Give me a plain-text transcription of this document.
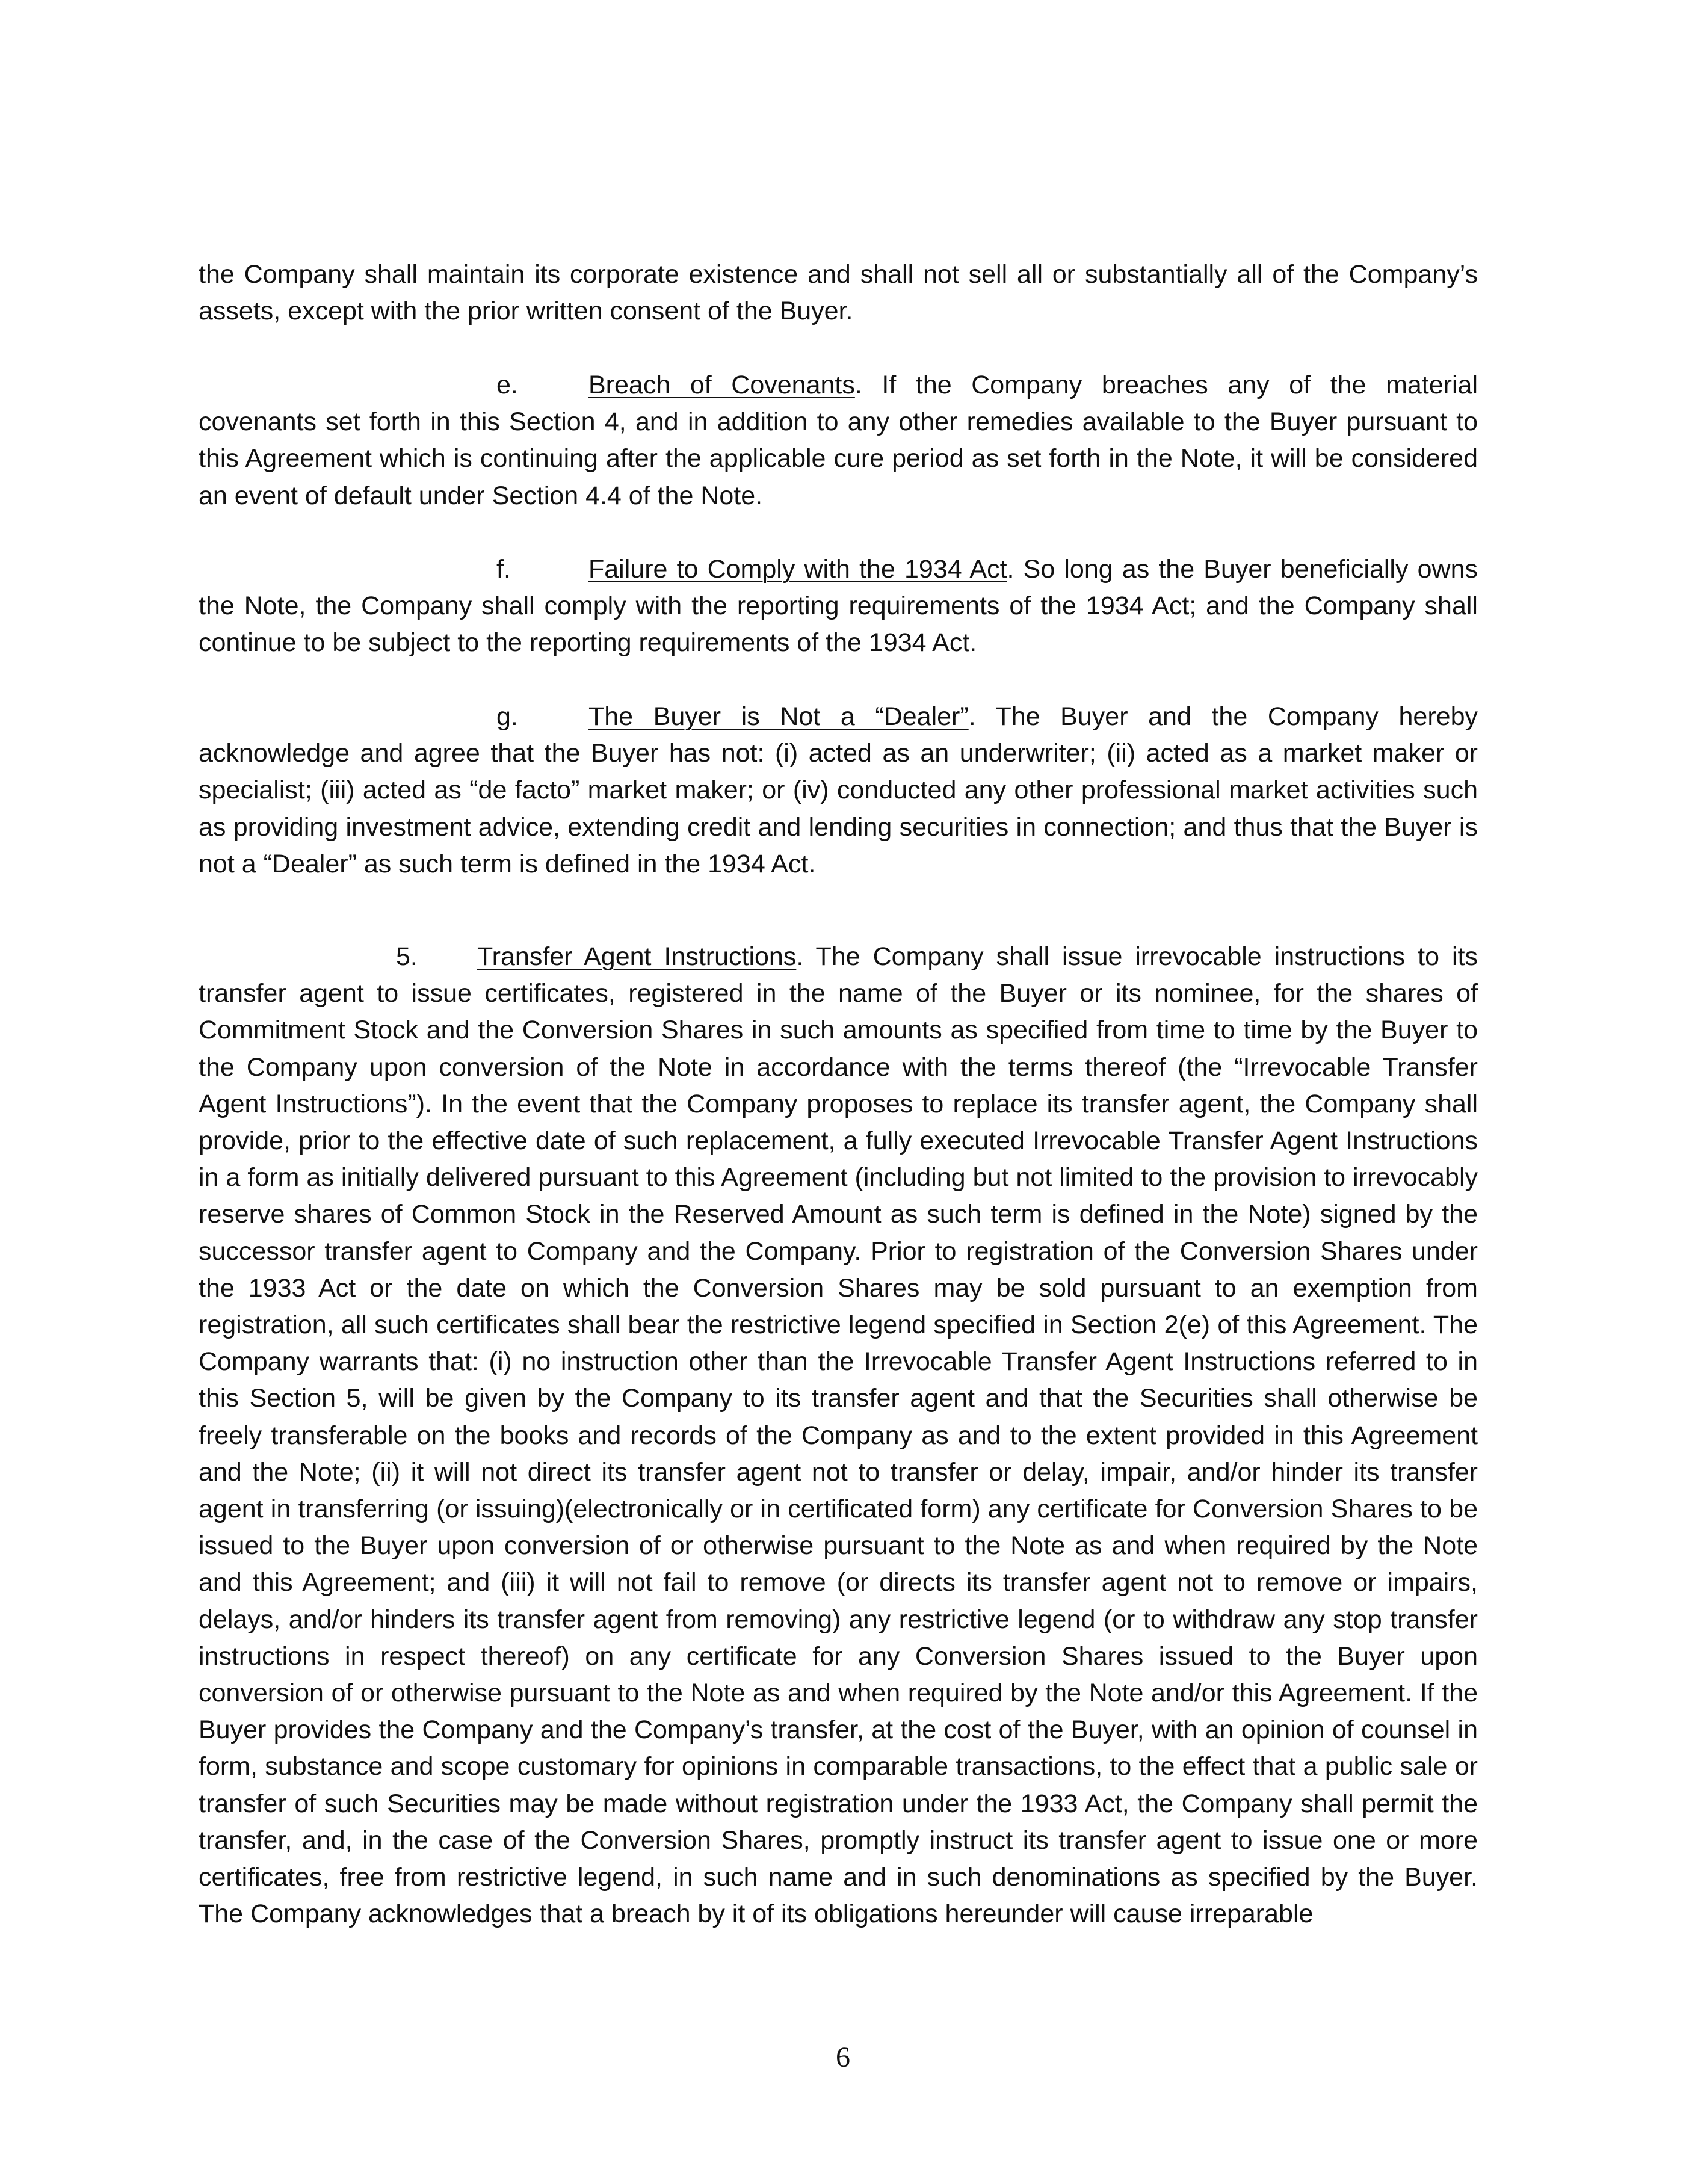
the Company shall maintain its corporate existence and shall not sell all or substantially all of the Company’s assets, except with the prior written consent of the Buyer.

e.	Breach of Covenants. If the Company breaches any of the material covenants set forth in this Section 4, and in addition to any other remedies available to the Buyer pursuant to this Agreement which is continuing after the applicable cure period as set forth in the Note, it will be considered an event of default under Section 4.4 of the Note.

f.	Failure to Comply with the 1934 Act. So long as the Buyer beneficially owns the Note, the Company shall comply with the reporting requirements of the 1934 Act; and the Company shall continue to be subject to the reporting requirements of the 1934 Act.

g.	The Buyer is Not a “Dealer”. The Buyer and the Company hereby acknowledge and agree that the Buyer has not: (i) acted as an underwriter; (ii) acted as a market maker or specialist; (iii) acted as “de facto” market maker; or (iv) conducted any other professional market activities such as providing investment advice, extending credit and lending securities in connection; and thus that the Buyer is not a “Dealer” as such term is defined in the 1934 Act.

5. Transfer Agent Instructions. The Company shall issue irrevocable instructions to its transfer agent to issue certificates, registered in the name of the Buyer or its nominee, for the shares of Commitment Stock and the Conversion Shares in such amounts as specified from time to time by the Buyer to the Company upon conversion of the Note in accordance with the terms thereof (the “Irrevocable Transfer Agent Instructions”). In the event that the Company proposes to replace its transfer agent, the Company shall provide, prior to the effective date of such replacement, a fully executed Irrevocable Transfer Agent Instructions in a form as initially delivered pursuant to this Agreement (including but not limited to the provision to irrevocably reserve shares of Common Stock in the Reserved Amount as such term is defined in the Note) signed by the successor transfer agent to Company and the Company. Prior to registration of the Conversion Shares under the 1933 Act or the date on which the Conversion Shares may be sold pursuant to an exemption from registration, all such certificates shall bear the restrictive legend specified in Section 2(e) of this Agreement. The Company warrants that: (i) no instruction other than the Irrevocable Transfer Agent Instructions referred to in this Section 5, will be given by the Company to its transfer agent and that the Securities shall otherwise be freely transferable on the books and records of the Company as and to the extent provided in this Agreement and the Note; (ii) it will not direct its transfer agent not to transfer or delay, impair, and/or hinder its transfer agent in transferring (or issuing)(electronically or in certificated form) any certificate for Conversion Shares to be issued to the Buyer upon conversion of or otherwise pursuant to the Note as and when required by the Note and this Agreement; and (iii) it will not fail to remove (or directs its transfer agent not to remove or impairs, delays, and/or hinders its transfer agent from removing) any restrictive legend (or to withdraw any stop transfer instructions in respect thereof) on any certificate for any Conversion Shares issued to the Buyer upon conversion of or otherwise pursuant to the Note as and when required by the Note and/or this Agreement. If the Buyer provides the Company and the Company’s transfer, at the cost of the Buyer, with an opinion of counsel in form, substance and scope customary for opinions in comparable transactions, to the effect that a public sale or transfer of such Securities may be made without registration under the 1933 Act, the Company shall permit the transfer, and, in the case of the Conversion Shares, promptly instruct its transfer agent to issue one or more certificates, free from restrictive legend, in such name and in such denominations as specified by the Buyer. The Company acknowledges that a breach by it of its obligations hereunder will cause irreparable

6
